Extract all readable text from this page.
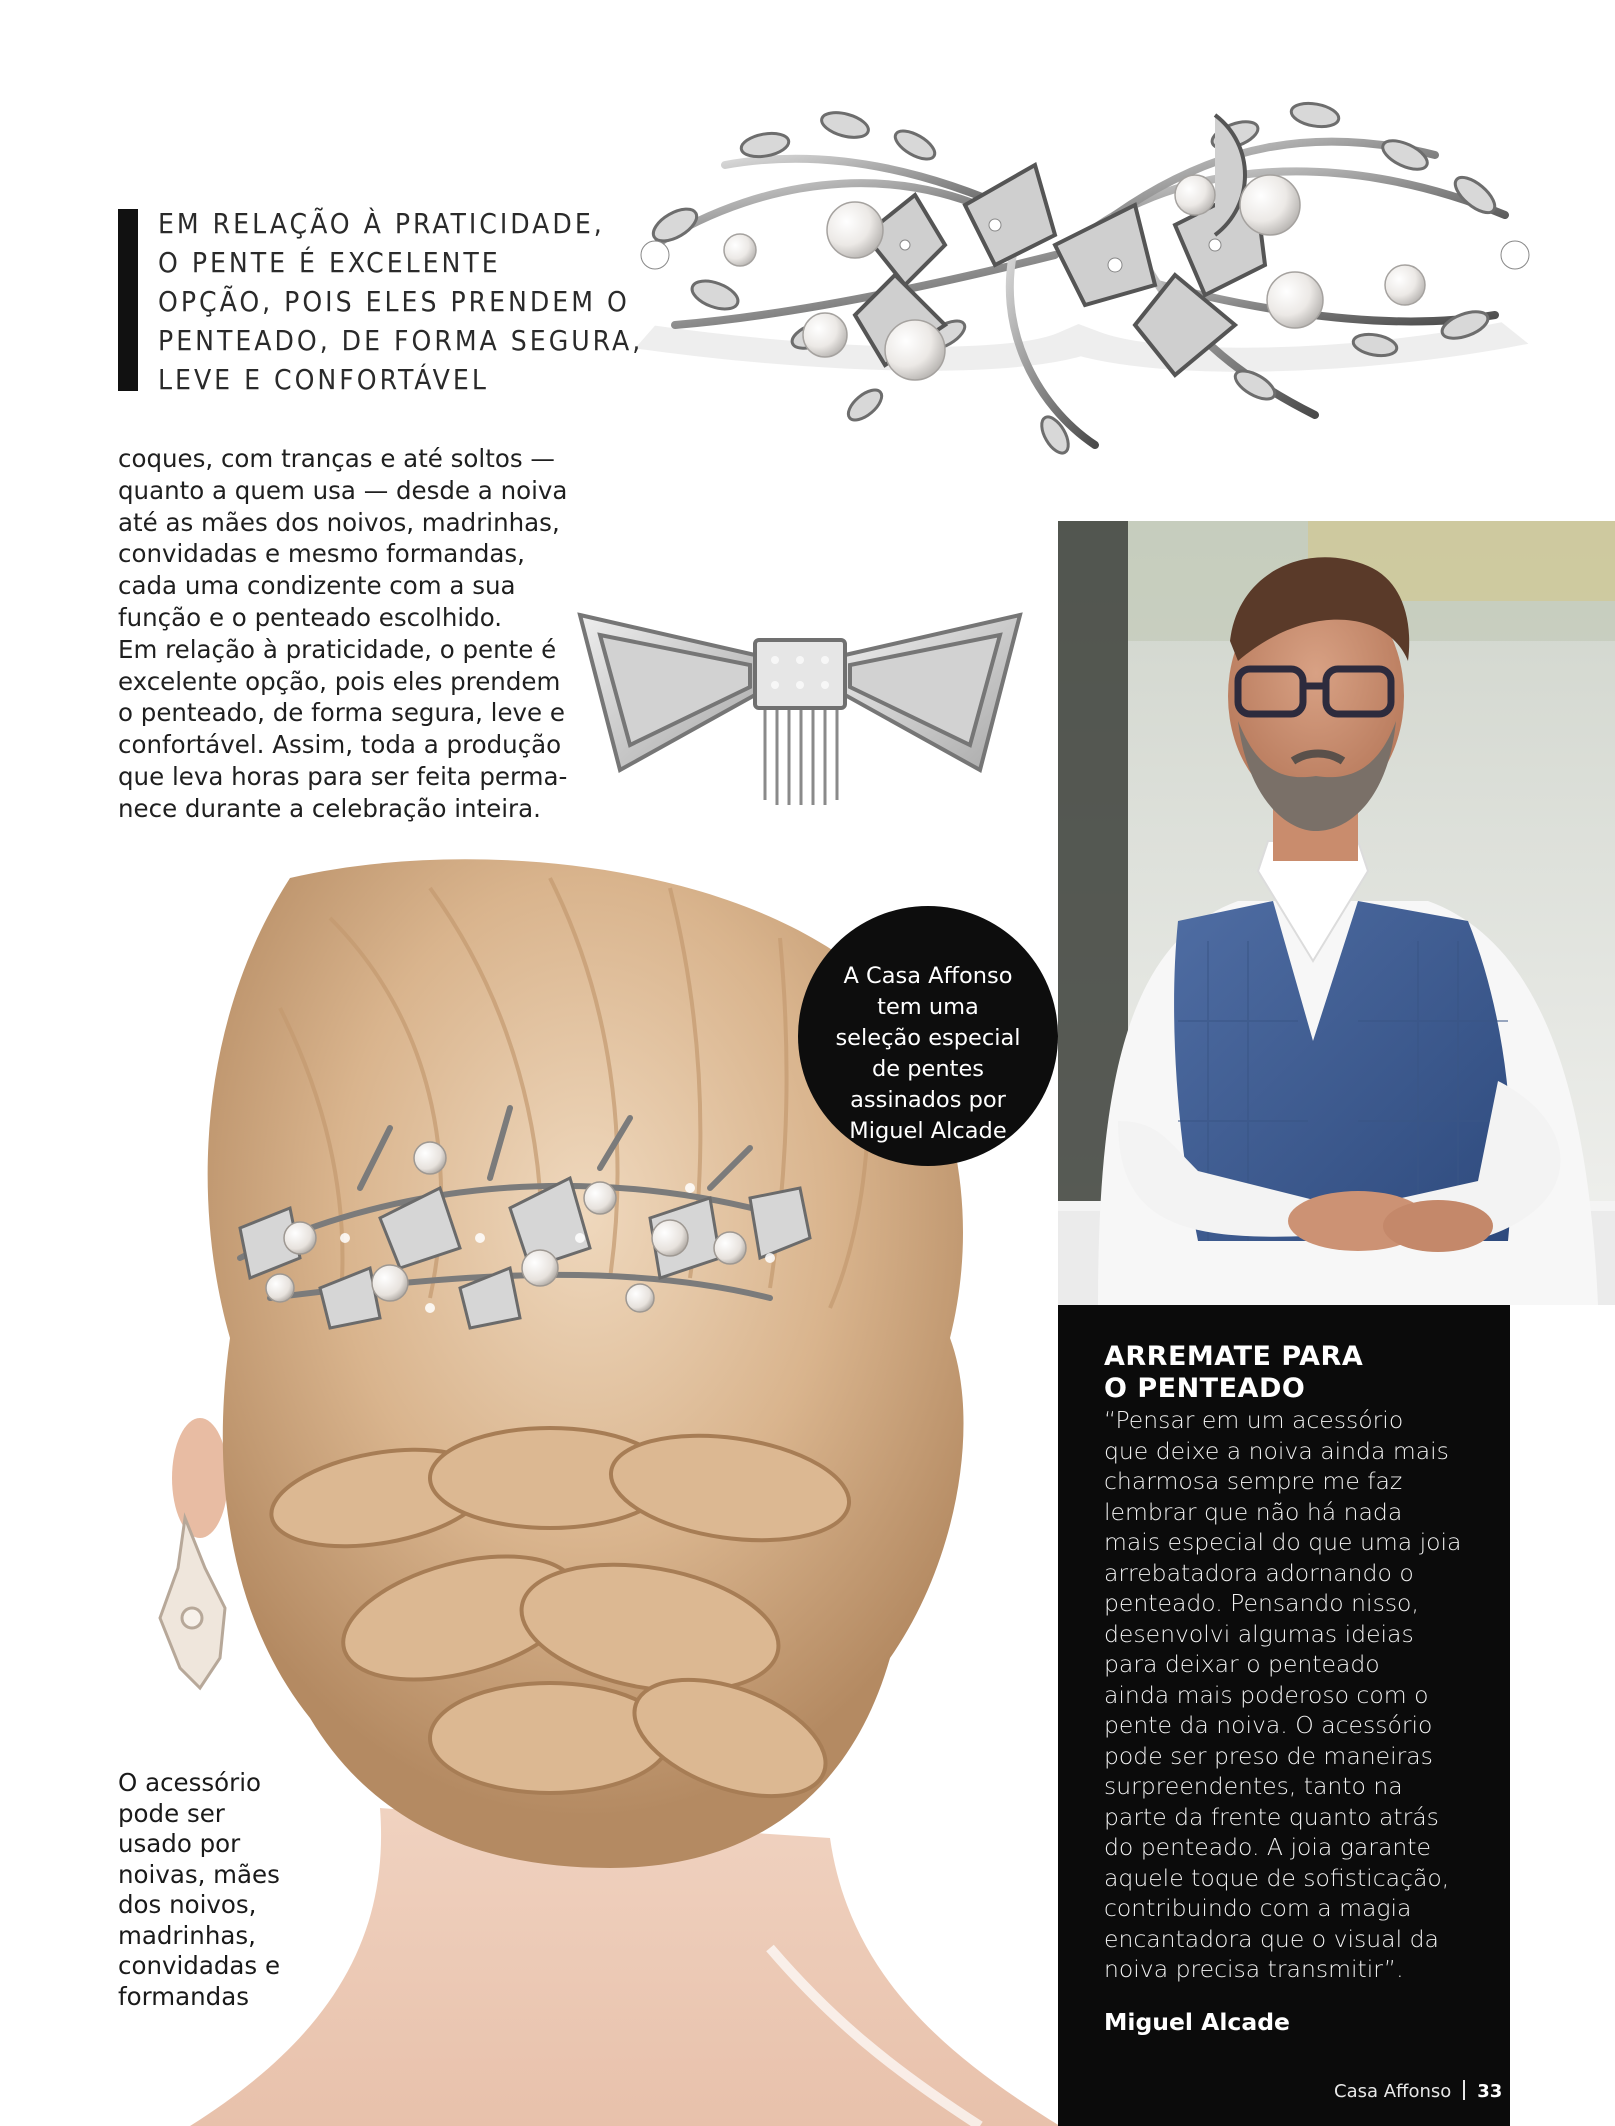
EM RELAÇÃO À PRATICIDADE,
O PENTE É EXCELENTE
OPÇÃO, POIS ELES PRENDEM O
PENTEADO, DE FORMA SEGURA,
LEVE E CONFORTÁVEL
coques, com tranças e até soltos —
quanto a quem usa — desde a noiva
até as mães dos noivos, madrinhas,
convidadas e mesmo formandas,
cada uma condizente com a sua
função e o penteado escolhido.
Em relação à praticidade, o pente é
excelente opção, pois eles prendem
o penteado, de forma segura, leve e
confortável. Assim, toda a produção
que leva horas para ser feita perma-
nece durante a celebração inteira.
A Casa Affonso
tem uma
seleção especial
de pentes
assinados por
Miguel Alcade
O acessório
pode ser
usado por
noivas, mães
dos noivos,
madrinhas,
convidadas e
formandas
ARREMATE PARA
O PENTEADO
“Pensar em um acessório
que deixe a noiva ainda mais
charmosa sempre me faz
lembrar que não há nada
mais especial do que uma joia
arrebatadora adornando o
penteado. Pensando nisso,
desenvolvi algumas ideias
para deixar o penteado
ainda mais poderoso com o
pente da noiva. O acessório
pode ser preso de maneiras
surpreendentes, tanto na
parte da frente quanto atrás
do penteado. A joia garante
aquele toque de sofisticação,
contribuindo com a magia
encantadora que o visual da
noiva precisa transmitir”.
Miguel Alcade
Casa Affonso 33
